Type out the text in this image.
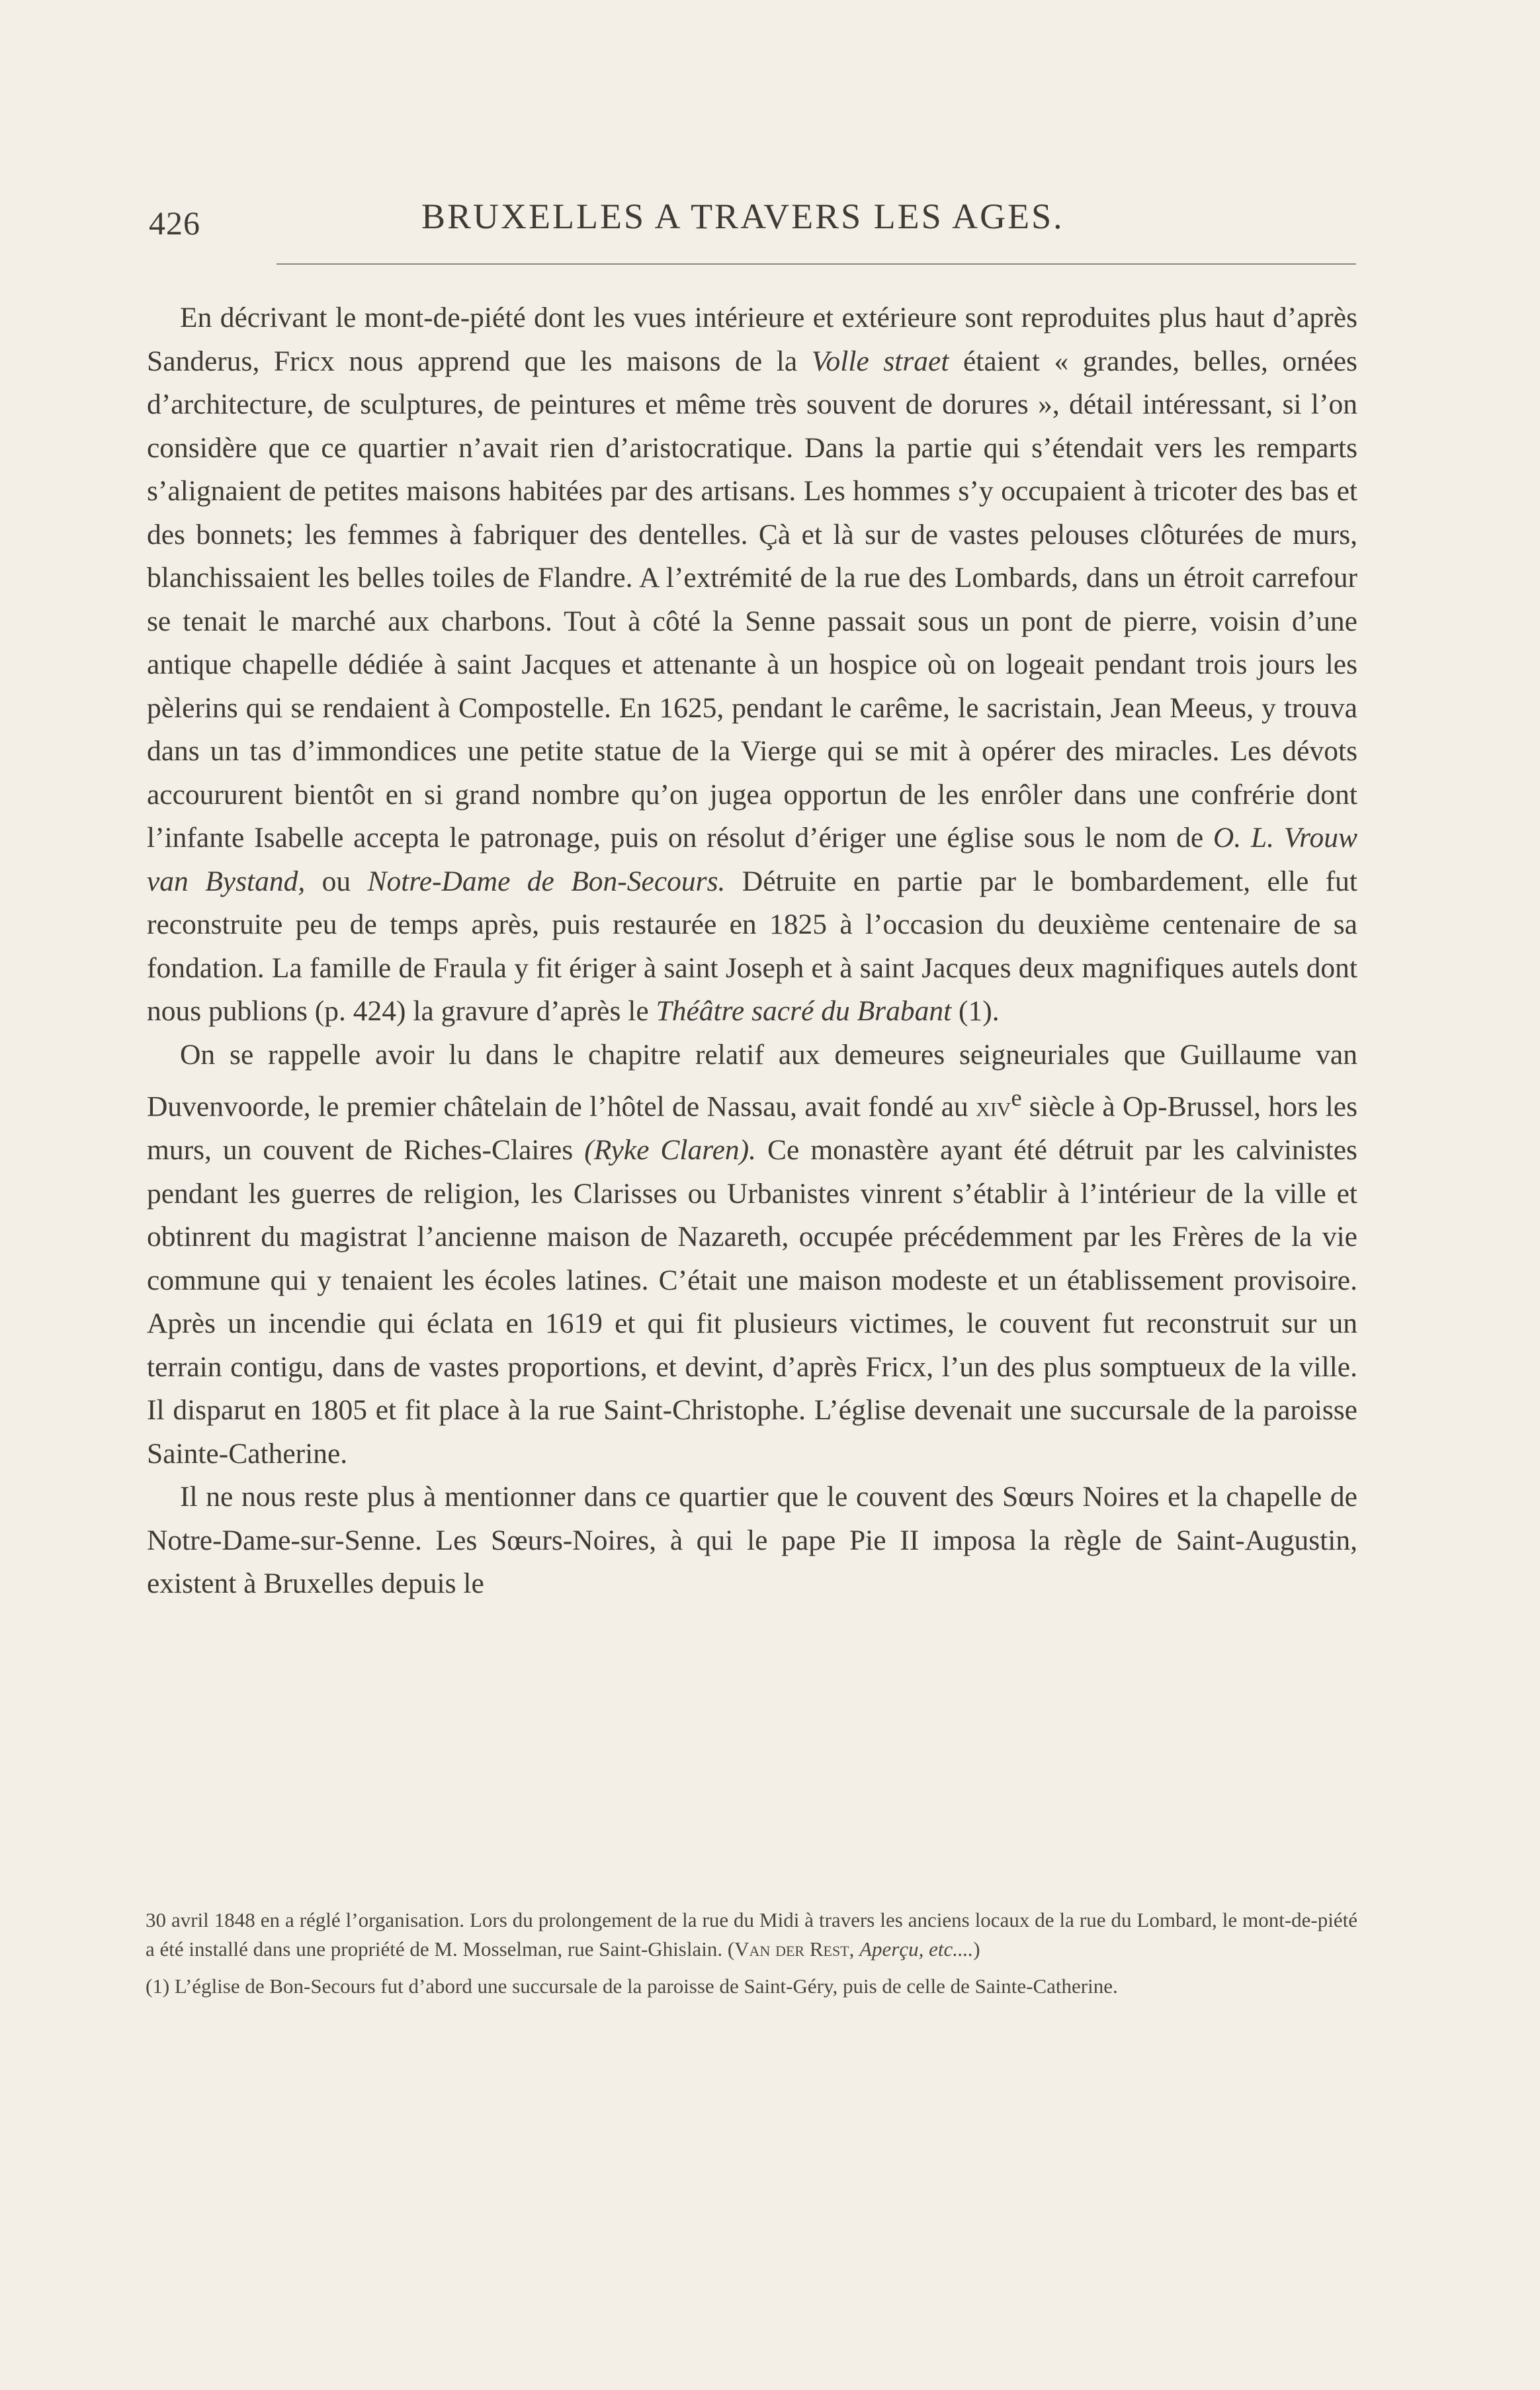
426	BRUXELLES A TRAVERS LES AGES.

En décrivant le mont-de-piété dont les vues intérieure et extérieure sont reproduites plus haut d’après Sanderus, Fricx nous apprend que les maisons de la Volle straet étaient « grandes, belles, ornées d’architecture, de sculptures, de peintures et même très souvent de dorures », détail intéressant, si l’on considère que ce quartier n’avait rien d’aristocratique. Dans la partie qui s’étendait vers les remparts s’alignaient de petites maisons habitées par des artisans. Les hommes s’y occupaient à tricoter des bas et des bonnets; les femmes à fabriquer des dentelles. Çà et là sur de vastes pelouses clôturées de murs, blanchissaient les belles toiles de Flandre. A l’extrémité de la rue des Lombards, dans un étroit carrefour se tenait le marché aux charbons. Tout à côté la Senne passait sous un pont de pierre, voisin d’une antique chapelle dédiée à saint Jacques et attenante à un hospice où on logeait pendant trois jours les pèlerins qui se rendaient à Compostelle. En 1625, pendant le carême, le sacristain, Jean Meeus, y trouva dans un tas d’immondices une petite statue de la Vierge qui se mit à opérer des miracles. Les dévots accoururent bientôt en si grand nombre qu’on jugea opportun de les enrôler dans une confrérie dont l’infante Isabelle accepta le patronage, puis on résolut d’ériger une église sous le nom de O. L. Vrouw van Bystand, ou Notre-Dame de Bon-Secours. Détruite en partie par le bombardement, elle fut reconstruite peu de temps après, puis restaurée en 1825 à l’occasion du deuxième centenaire de sa fondation. La famille de Fraula y fit ériger à saint Joseph et à saint Jacques deux magnifiques autels dont nous publions (p. 424) la gravure d’après le Théâtre sacré du Brabant (1).

On se rappelle avoir lu dans le chapitre relatif aux demeures seigneuriales que Guillaume van Duvenvoorde, le premier châtelain de l’hôtel de Nassau, avait fondé au xiv$^e$ siècle à Op-Brussel, hors les murs, un couvent de Riches-Claires (Ryke Claren). Ce monastère ayant été détruit par les calvinistes pendant les guerres de religion, les Clarisses ou Urbanistes vinrent s’établir à l’intérieur de la ville et obtinrent du magistrat l’ancienne maison de Nazareth, occupée précédemment par les Frères de la vie commune qui y tenaient les écoles latines. C’était une maison modeste et un établissement provisoire. Après un incendie qui éclata en 1619 et qui fit plusieurs victimes, le couvent fut reconstruit sur un terrain contigu, dans de vastes proportions, et devint, d’après Fricx, l’un des plus somptueux de la ville. Il disparut en 1805 et fit place à la rue Saint-Christophe. L’église devenait une succursale de la paroisse Sainte-Catherine.

Il ne nous reste plus à mentionner dans ce quartier que le couvent des Sœurs Noires et la chapelle de Notre-Dame-sur-Senne. Les Sœurs-Noires, à qui le pape Pie II imposa la règle de Saint-Augustin, existent à Bruxelles depuis le

30 avril 1848 en a réglé l’organisation. Lors du prolongement de la rue du Midi à travers les anciens locaux de la rue du Lombard, le mont-de-piété a été installé dans une propriété de M. Mosselman, rue Saint-Ghislain. (Van der Rest, Aperçu, etc....)

(1) L’église de Bon-Secours fut d’abord une succursale de la paroisse de Saint-Géry, puis de celle de Sainte-Catherine.
